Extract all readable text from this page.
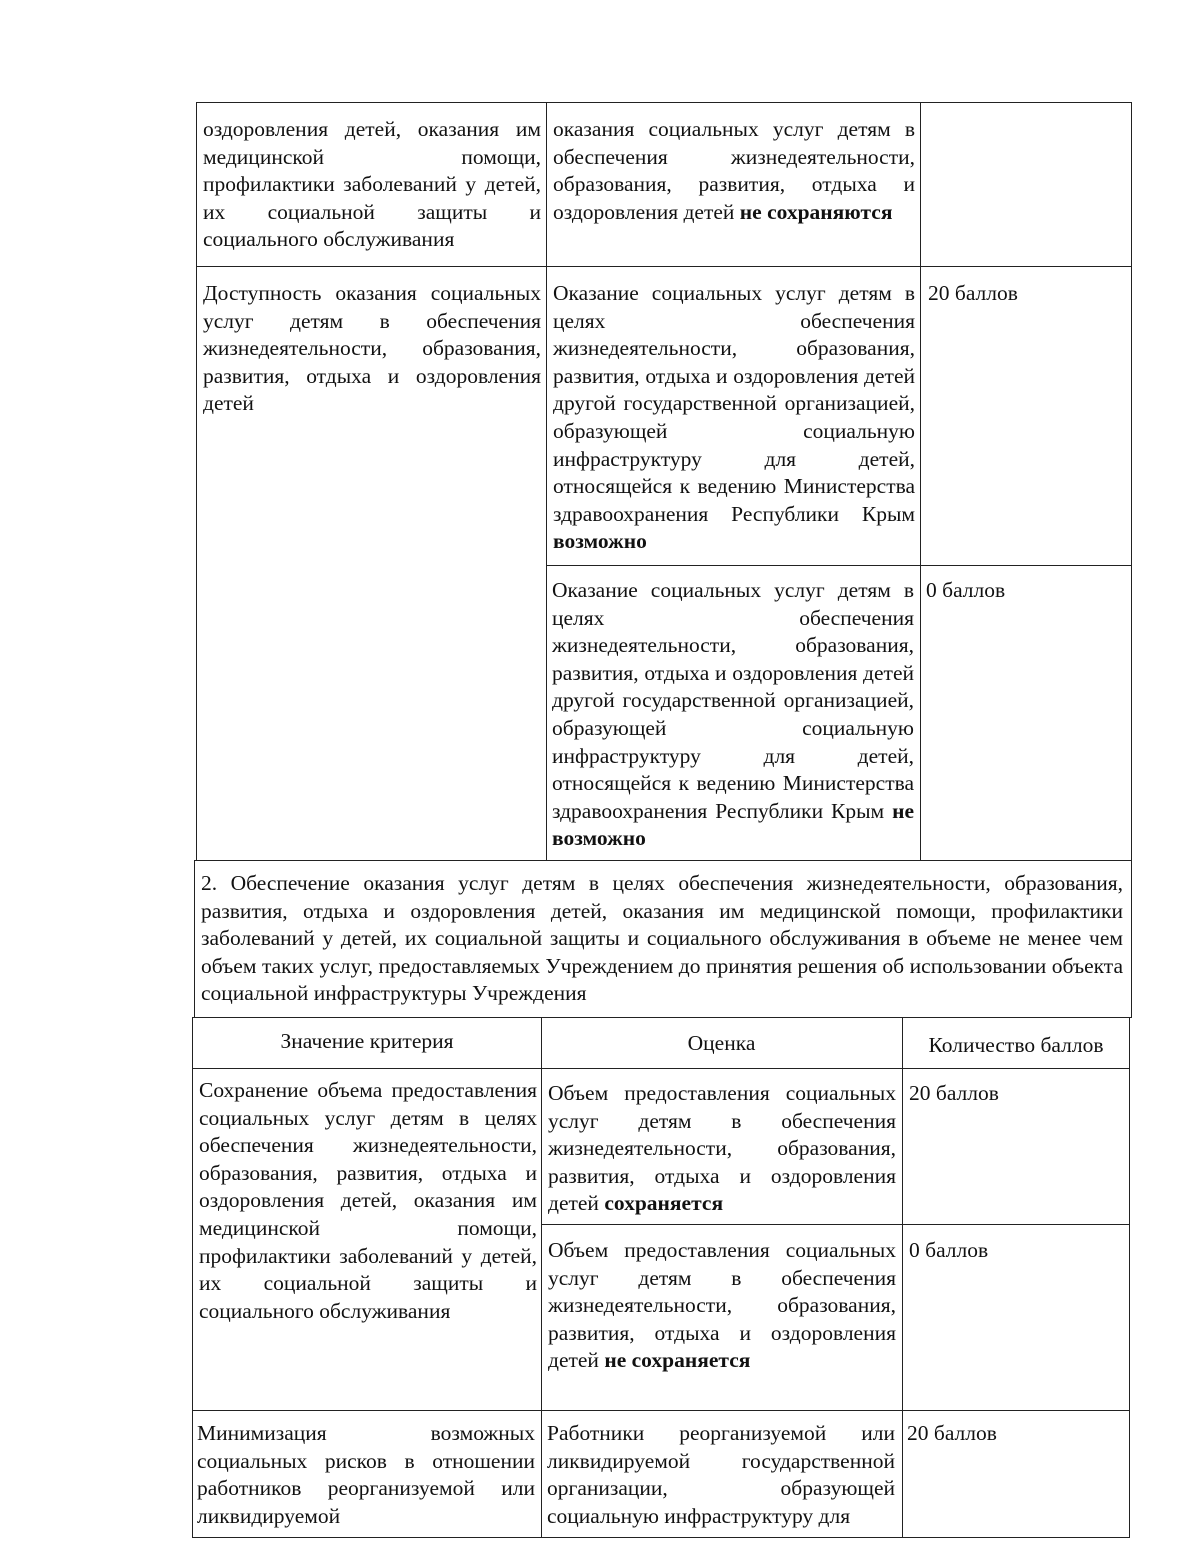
оздоровления детей, оказания им медицинской помощи, профилактики заболеваний у детей, их социальной защиты и социального обслуживания
оказания социальных услуг детям в обеспечения жизнедеятельности, образования, развития, отдыха и оздоровления детей не сохраняются
Доступность оказания социальных услуг детям в обеспечения жизнедеятельности, образования, развития, отдыха и оздоровления детей
Оказание социальных услуг детям в целях обеспечения жизнедеятельности, образования, развития, отдыха и оздоровления детей другой государственной организацией, образующей социальную инфраструктуру для детей, относящейся к ведению Министерства здравоохранения Республики Крым возможно
20 баллов
Оказание социальных услуг детям в целях обеспечения жизнедеятельности, образования, развития, отдыха и оздоровления детей другой государственной организацией, образующей социальную инфраструктуру для детей, относящейся к ведению Министерства здравоохранения Республики Крым не возможно
0 баллов
2. Обеспечение оказания услуг детям в целях обеспечения жизнедеятельности, образования, развития, отдыха и оздоровления детей, оказания им медицинской помощи, профилактики заболеваний у детей, их социальной защиты и социального обслуживания в объеме не менее чем объем таких услуг, предоставляемых Учреждением до принятия решения об использовании объекта социальной инфраструктуры Учреждения
Значение критерия	Оценка	Количество баллов
Сохранение объема предоставления социальных услуг детям в целях обеспечения жизнедеятельности, образования, развития, отдыха и оздоровления детей, оказания им медицинской помощи, профилактики заболеваний у детей, их социальной защиты и социального обслуживания
Объем предоставления социальных услуг детям в обеспечения жизнедеятельности, образования, развития, отдыха и оздоровления детей сохраняется
20 баллов
Объем предоставления социальных услуг детям в обеспечения жизнедеятельности, образования, развития, отдыха и оздоровления детей не сохраняется
0 баллов
Минимизация возможных социальных рисков в отношении работников реорганизуемой или ликвидируемой
Работники реорганизуемой или ликвидируемой государственной организации, образующей социальную инфраструктуру для
20 баллов
